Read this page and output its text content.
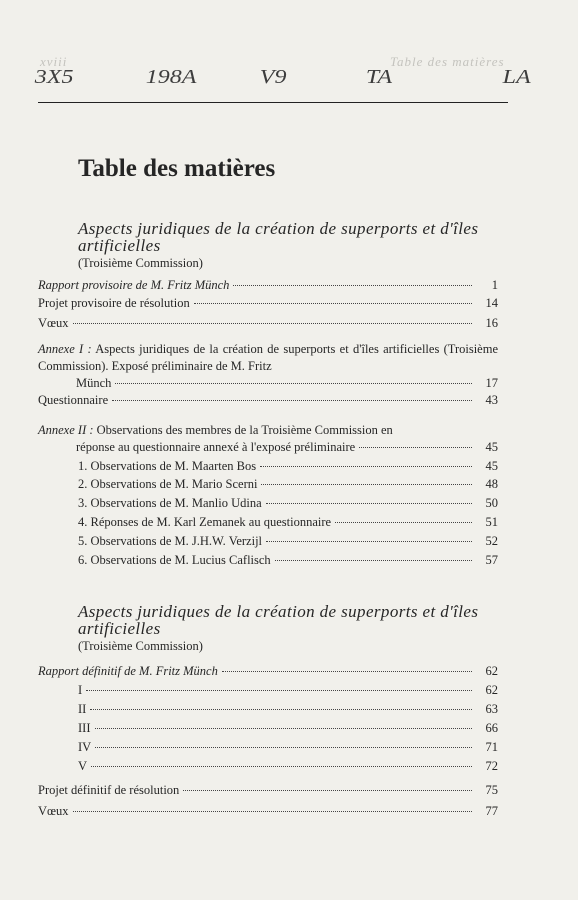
xviii	Table des matières
3X5	198A	V9	TA	LA
Table des matières
Aspects juridiques de la création de superports et d'îles
artificielles
(Troisième Commission)
Rapport provisoire de M. Fritz Münch	1
Projet provisoire de résolution	14
Vœux	16
Annexe I : Aspects juridiques de la création de superports et d'îles artificielles (Troisième Commission). Exposé préliminaire de M. Fritz
Münch	17
Questionnaire	43
Annexe II : Observations des membres de la Troisième Commission en
réponse au questionnaire annexé à l'exposé préliminaire	45
1. Observations de M. Maarten Bos	45
2. Observations de M. Mario Scerni	48
3. Observations de M. Manlio Udina	50
4. Réponses de M. Karl Zemanek au questionnaire	51
5. Observations de M. J.H.W. Verzijl	52
6. Observations de M. Lucius Caflisch	57
Aspects juridiques de la création de superports et d'îles
artificielles
(Troisième Commission)
Rapport définitif de M. Fritz Münch	62
I	62
II	63
III	66
IV	71
V	72
Projet définitif de résolution	75
Vœux	77
